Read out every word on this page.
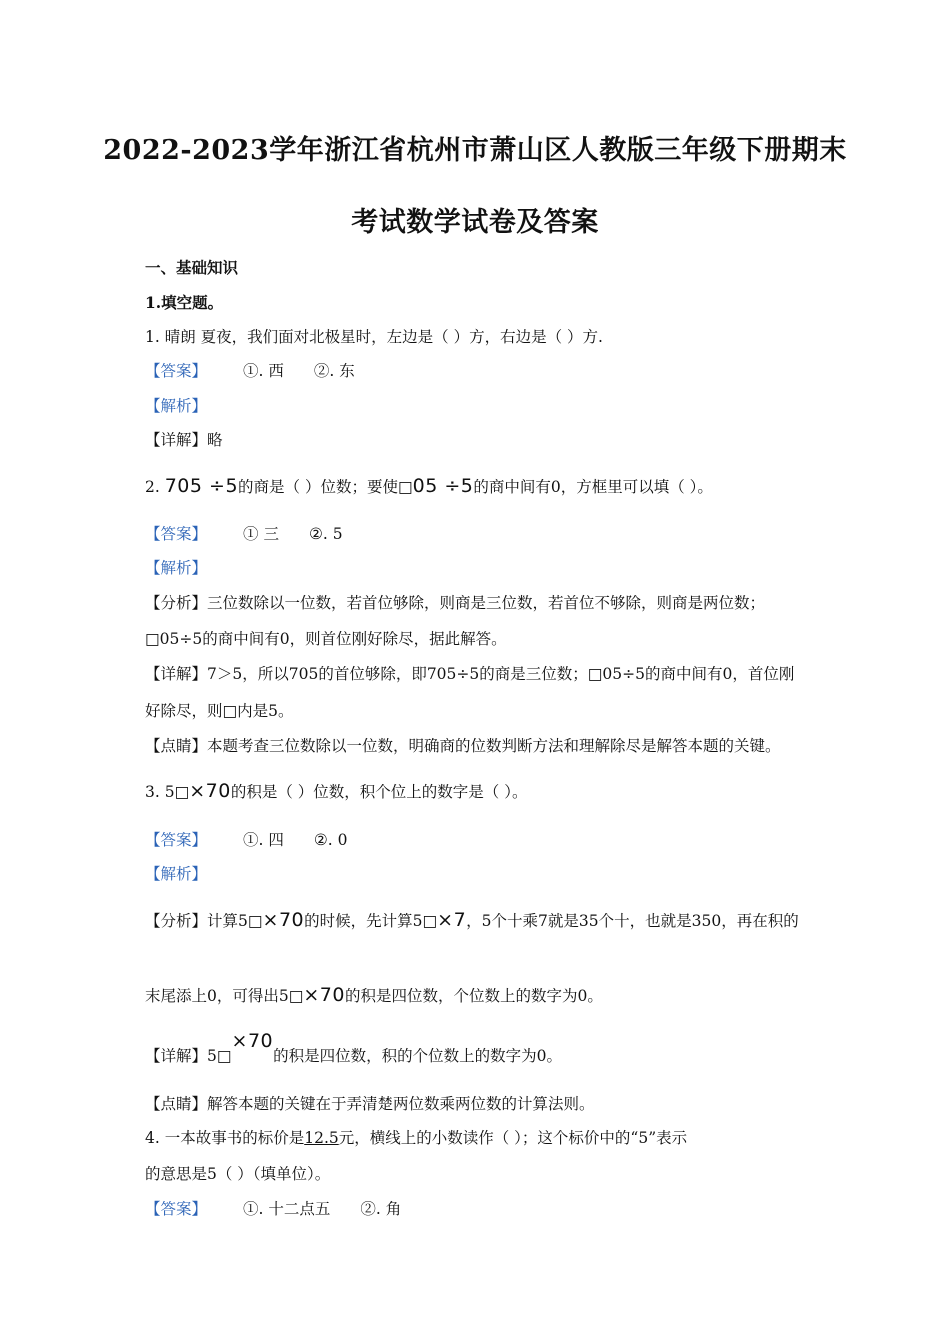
2022-2023学年浙江省杭州市萧山区人教版三年级下册期末
考试数学试卷及答案
一、基础知识
1.填空题。
1. 晴朗 夏夜，我们面对北极星时，左边是（ ）方，右边是（ ）方.
【答案】 ①. 西 ②. 东
【解析】
【详解】略
2. 705 ÷5的商是（ ）位数；要使□05 ÷5的商中间有0，方框里可以填（ ）。
【答案】 ① 三 ②. 5
【解析】
【分析】三位数除以一位数，若首位够除，则商是三位数，若首位不够除，则商是两位数；
□05÷5的商中间有0，则首位刚好除尽，据此解答。
【详解】7＞5，所以705的首位够除，即705÷5的商是三位数；□05÷5的商中间有0，首位刚
好除尽，则□内是5。
【点睛】本题考查三位数除以一位数，明确商的位数判断方法和理解除尽是解答本题的关键。
3. 5□×70的积是（ ）位数，积个位上的数字是（ ）。
【答案】 ①. 四 ②. 0
【解析】
【分析】计算5□×70的时候，先计算5□×7，5个十乘7就是35个十，也就是350，再在积的
末尾添上0，可得出5□×70的积是四位数，个位数上的数字为0。
【详解】5□×70的积是四位数，积的个位数上的数字为0。
【点睛】解答本题的关键在于弄清楚两位数乘两位数的计算法则。
4. 一本故事书的标价是12.5元，横线上的小数读作（ ）；这个标价中的“5”表示
的意思是5（ ）（填单位）。
【答案】 ①. 十二点五 ②. 角
